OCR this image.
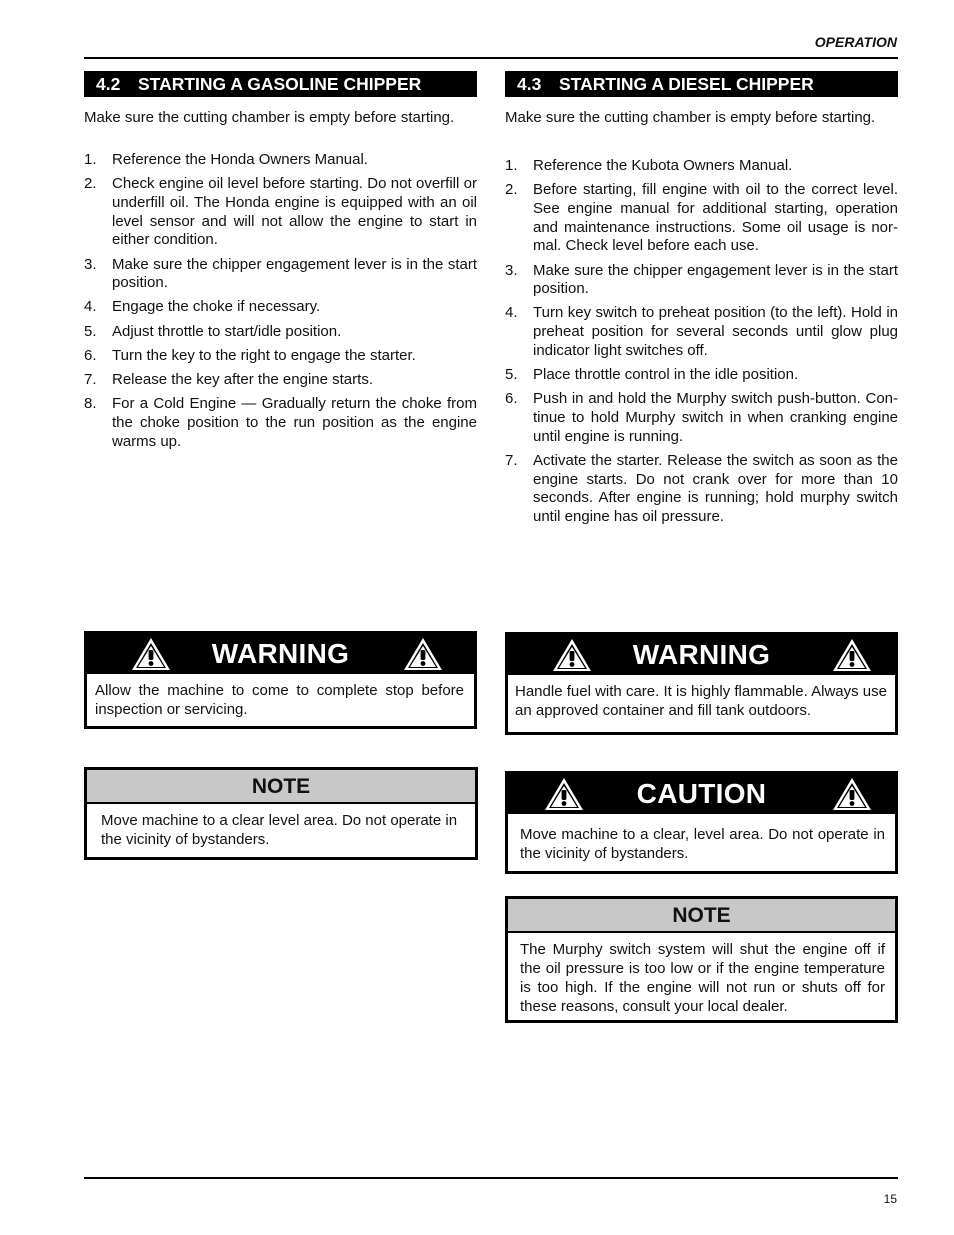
OPERATION
4.2 STARTING A GASOLINE CHIPPER
Make sure the cutting chamber is empty before starting.
1.	Reference the Honda Owners Manual.
2.	Check engine oil level before starting. Do not overfill or underfill oil. The Honda engine is equipped with an oil level sensor and will not allow the engine to start in either condition.
3.	Make sure the chipper engagement lever is in the start position.
4.	Engage the choke if necessary.
5.	Adjust throttle to start/idle position.
6.	Turn the key to the right to engage the starter.
7.	Release the key after the engine starts.
8.	For a Cold Engine — Gradually return the choke from the choke position to the run position as the engine warms up.
4.3 STARTING A DIESEL CHIPPER
Make sure the cutting chamber is empty before starting.
1.	Reference the Kubota Owners Manual.
2.	Before starting, fill engine with oil to the correct level. See engine manual for additional starting, operation and maintenance instructions. Some oil usage is nor-mal. Check level before each use.
3.	Make sure the chipper engagement lever is in the start position.
4.	Turn key switch to preheat position (to the left). Hold in preheat position for several seconds until glow plug indicator light switches off.
5.	Place throttle control in the idle position.
6.	Push in and hold the Murphy switch push-button. Con-tinue to hold Murphy switch in when cranking engine until engine is running.
7.	Activate the starter. Release the switch as soon as the engine starts. Do not crank over for more than 10 seconds. After engine is running; hold murphy switch until engine has oil pressure.
WARNING
Allow the machine to come to complete stop before inspection or servicing.
NOTE
Move machine to a clear level area. Do not operate in the vicinity of bystanders.
WARNING
Handle fuel with care. It is highly flammable. Always use an approved container and fill tank outdoors.
CAUTION
Move machine to a clear, level area. Do not operate in the vicinity of bystanders.
NOTE
The Murphy switch system will shut the engine off if the oil pressure is too low or if the engine temperature is too high. If the engine will not run or shuts off for these reasons, consult your local dealer.
15
